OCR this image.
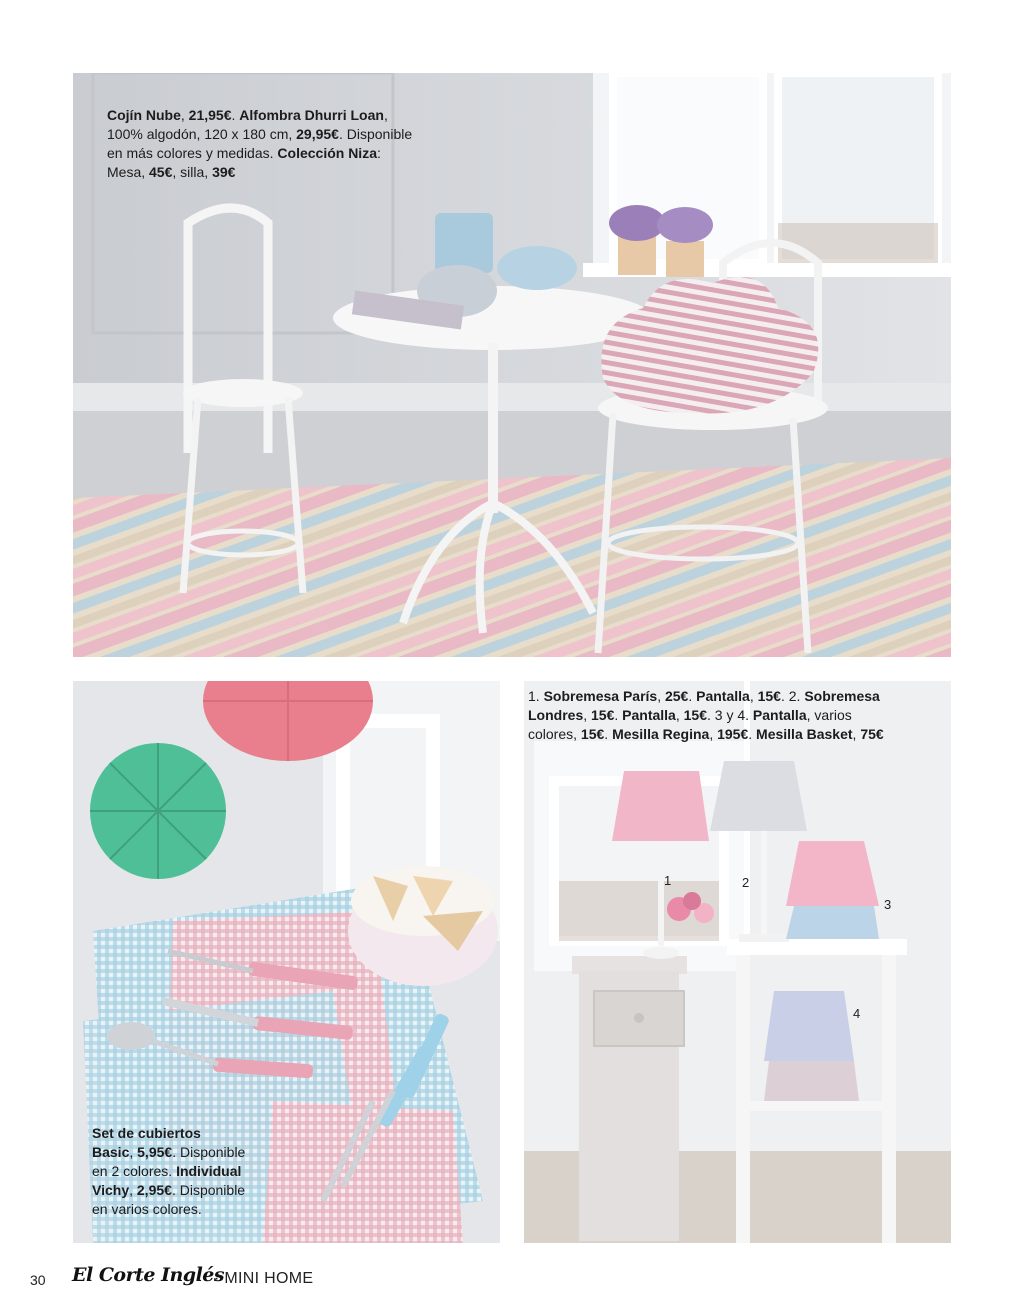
Cojín Nube, 21,95€. Alfombra Dhurri Loan,
100% algodón, 120 x 180 cm, 29,95€. Disponible
en más colores y medidas. Colección Niza:
Mesa, 45€, silla, 39€
Set de cubiertos
Basic, 5,95€. Disponible
en 2 colores. Individual
Vichy, 2,95€. Disponible
en varios colores.
1. Sobremesa París, 25€. Pantalla, 15€. 2. Sobremesa
Londres, 15€. Pantalla, 15€. 3 y 4. Pantalla, varios
colores, 15€. Mesilla Regina, 195€. Mesilla Basket, 75€
1	2
3
4
30 El Corte Inglés
· MINI HOME
